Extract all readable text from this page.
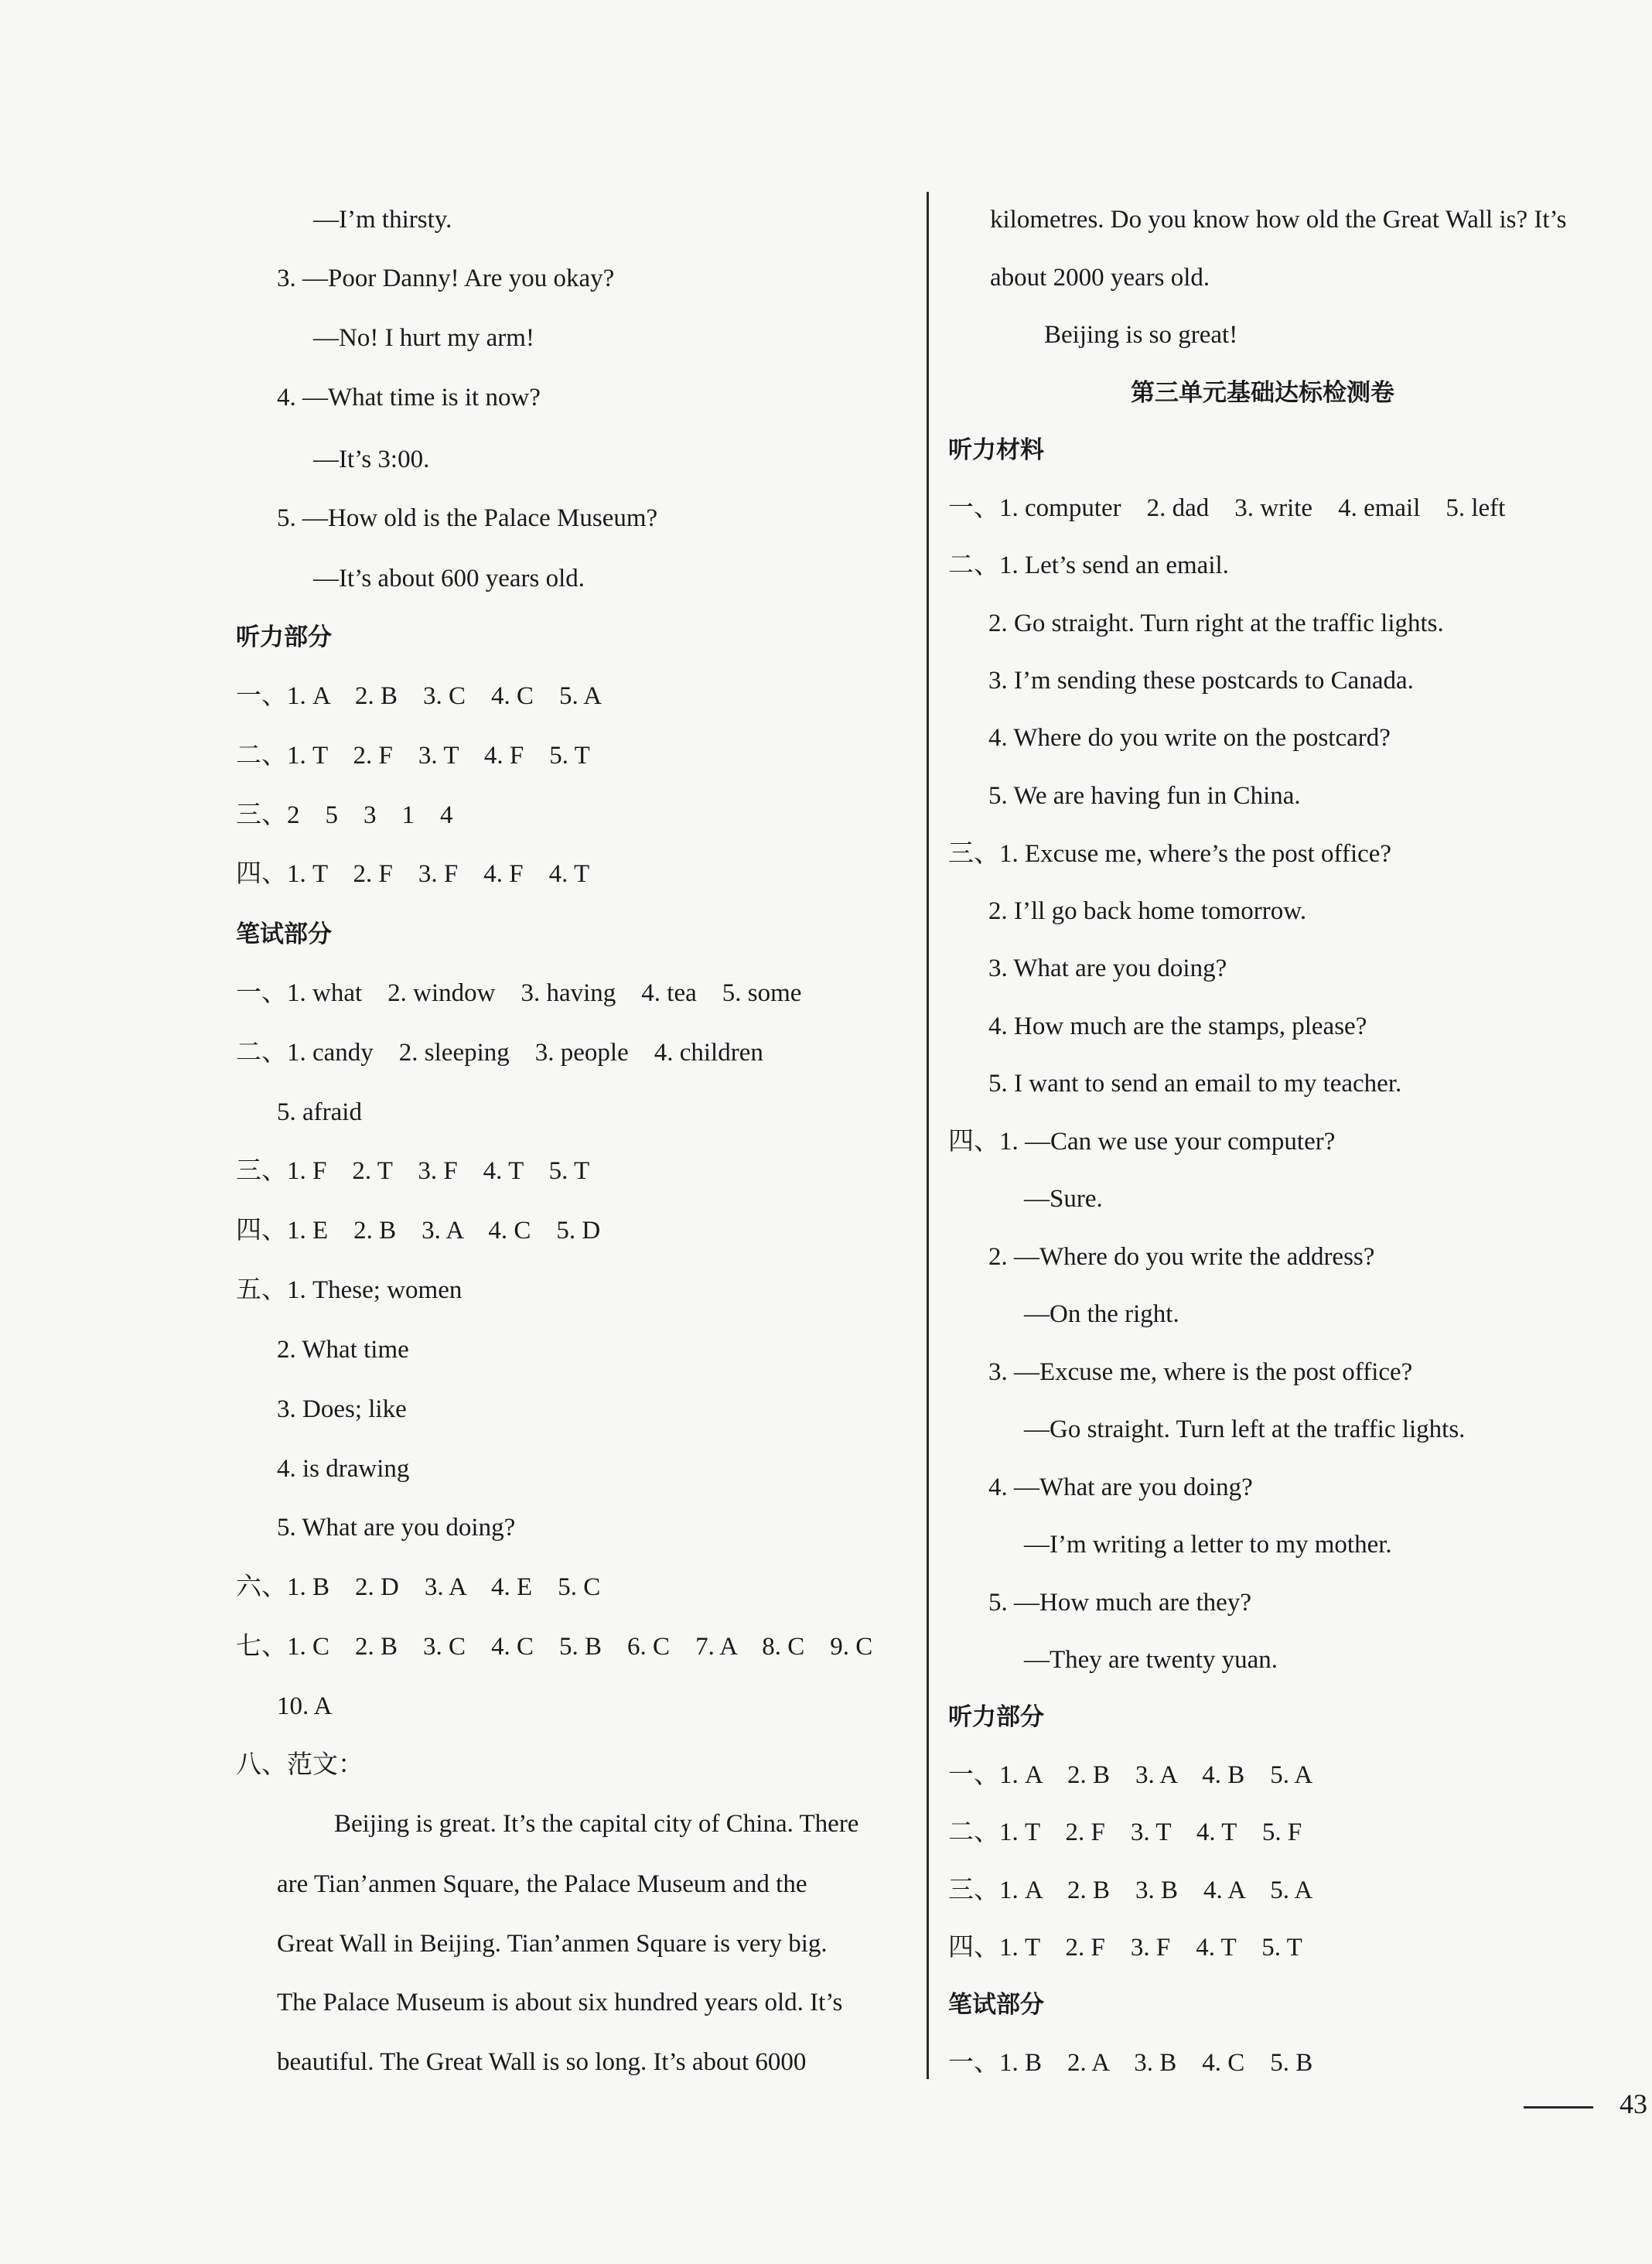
—I’m thirsty.
3. —Poor Danny! Are you okay?
—No! I hurt my arm!
4. —What time is it now?
—It’s 3:00.
5. —How old is the Palace Museum?
—It’s about 600 years old.
听力部分
一、1. A　2. B　3. C　4. C　5. A
二、1. T　2. F　3. T　4. F　5. T
三、2　5　3　1　4
四、1. T　2. F　3. F　4. F　4. T
笔试部分
一、1. what　2. window　3. having　4. tea　5. some
二、1. candy　2. sleeping　3. people　4. children
5. afraid
三、1. F　2. T　3. F　4. T　5. T
四、1. E　2. B　3. A　4. C　5. D
五、1. These; women
2. What time
3. Does; like
4. is drawing
5. What are you doing?
六、1. B　2. D　3. A　4. E　5. C
七、1. C　2. B　3. C　4. C　5. B　6. C　7. A　8. C　9. C
10. A
八、范文：
Beijing is great. It’s the capital city of China. There
are Tian’anmen Square, the Palace Museum and the
Great Wall in Beijing. Tian’anmen Square is very big.
The Palace Museum is about six hundred years old. It’s
beautiful. The Great Wall is so long. It’s about 6000
kilometres. Do you know how old the Great Wall is? It’s
about 2000 years old.
Beijing is so great!
第三单元基础达标检测卷
听力材料
一、1. computer　2. dad　3. write　4. email　5. left
二、1. Let’s send an email.
2. Go straight. Turn right at the traffic lights.
3. I’m sending these postcards to Canada.
4. Where do you write on the postcard?
5. We are having fun in China.
三、1. Excuse me, where’s the post office?
2. I’ll go back home tomorrow.
3. What are you doing?
4. How much are the stamps, please?
5. I want to send an email to my teacher.
四、1. —Can we use your computer?
—Sure.
2. —Where do you write the address?
—On the right.
3. —Excuse me, where is the post office?
—Go straight. Turn left at the traffic lights.
4. —What are you doing?
—I’m writing a letter to my mother.
5. —How much are they?
—They are twenty yuan.
听力部分
一、1. A　2. B　3. A　4. B　5. A
二、1. T　2. F　3. T　4. T　5. F
三、1. A　2. B　3. B　4. A　5. A
四、1. T　2. F　3. F　4. T　5. T
笔试部分
一、1. B　2. A　3. B　4. C　5. B
43
